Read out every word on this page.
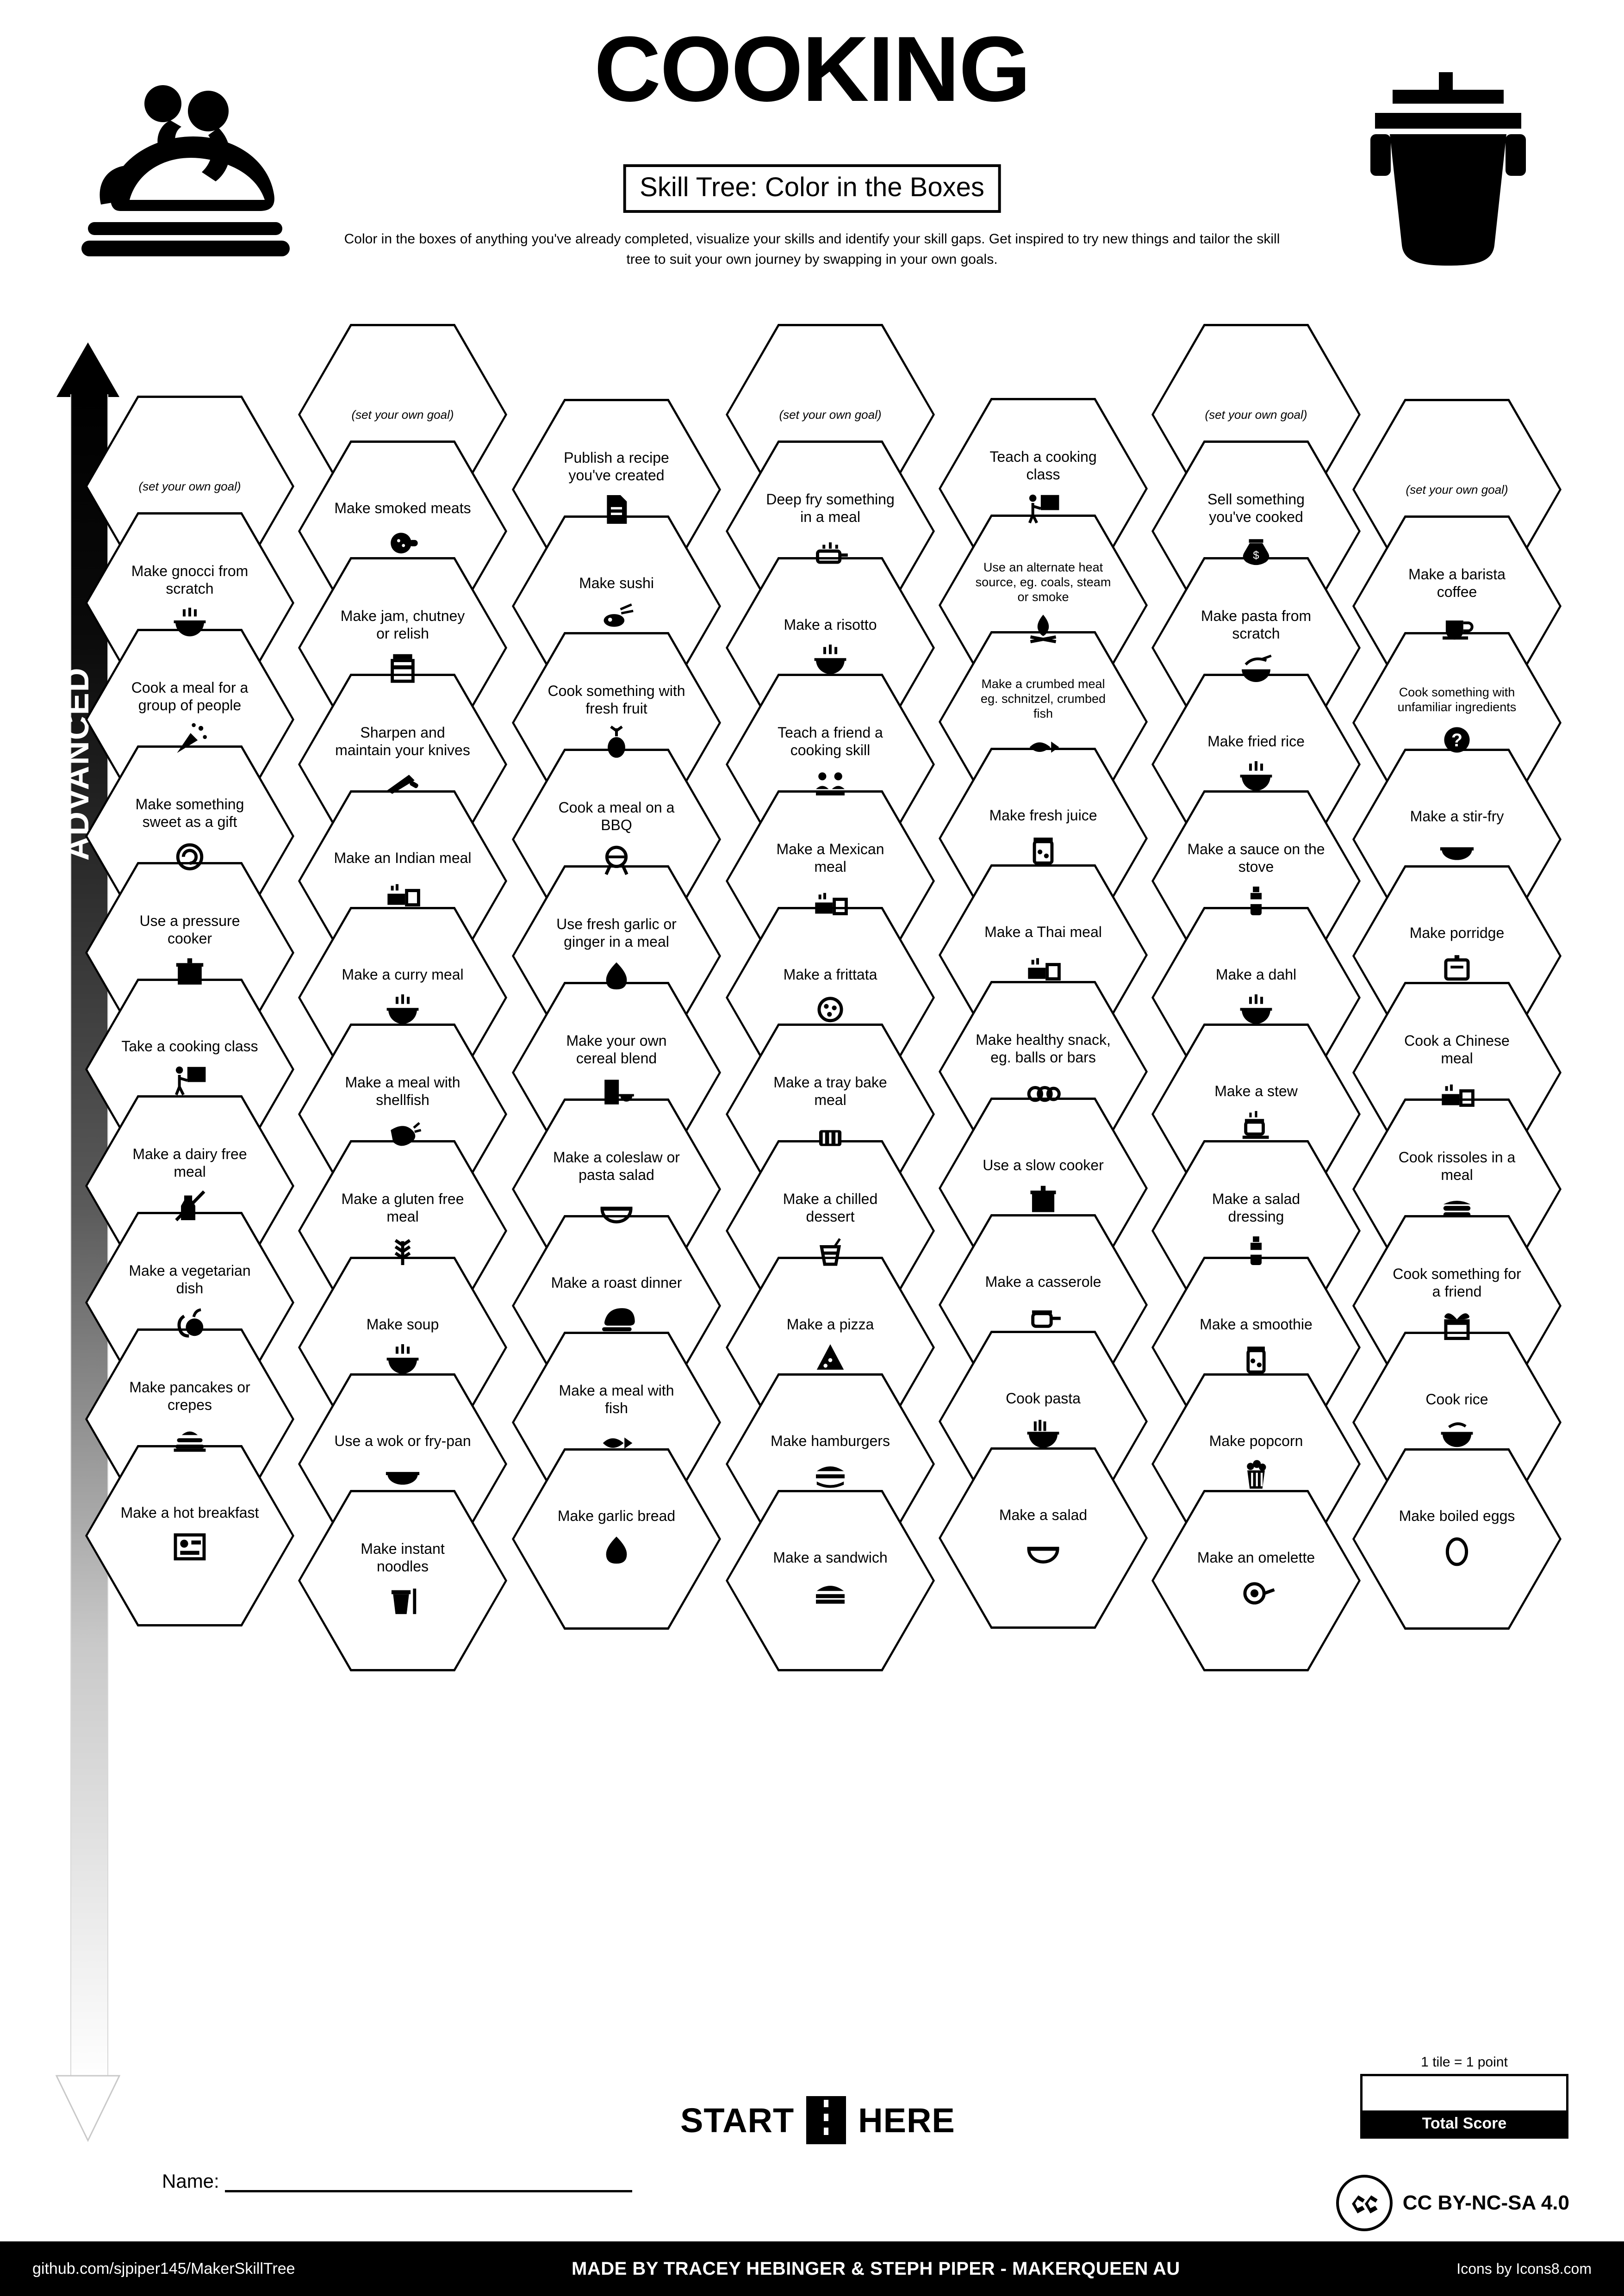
COOKING
Skill Tree: Color in the Boxes
Color in the boxes of anything you've already completed, visualize your skills and identify your skill gaps. Get inspired to try new things and tailor the skill tree to suit your own journey by swapping in your own goals.
ADVANCED
(set your own goal)
Make gnocci from scratch
Cook a meal for a group of people
Make something sweet as a gift
Use a pressure cooker
Take a cooking class
Make a dairy free meal
Make a vegetarian dish
Make pancakes or crepes
Make a hot breakfast
(set your own goal)
Make smoked meats
Make jam, chutney or relish
Sharpen and maintain your knives
Make an Indian meal
Make a curry meal
Make a meal with shellfish
Make a gluten free meal
Make soup
Use a wok or fry-pan
Make instant noodles
Publish a recipe you've created
Make sushi
Cook something with fresh fruit
Cook a meal on a BBQ
Use fresh garlic or ginger in a meal
Make your own cereal blend
Make a coleslaw or pasta salad
Make a roast dinner
Make a meal with fish
Make garlic bread
(set your own goal)
Deep fry something in a meal
Make a risotto
Teach a friend a cooking skill
Make a Mexican meal
Make a frittata
Make a tray bake meal
Make a chilled dessert
Make a pizza
Make hamburgers
Make a sandwich
Teach a cooking class
Use an alternate heat source, eg. coals, steam or smoke
Make a crumbed meal eg. schnitzel, crumbed fish
Make fresh juice
Make a Thai meal
Make healthy snack, eg. balls or bars
Use a slow cooker
Make a casserole
Cook pasta
Make a salad
(set your own goal)
Sell something you've cooked
$
Make pasta from scratch
Make fried rice
Make a sauce on the stove
Make a dahl
Make a stew
Make a salad dressing
Make a smoothie
Make popcorn
Make an omelette
(set your own goal)
Make a barista coffee
Cook something with unfamiliar ingredients
?
Make a stir-fry
Make porridge
Cook a Chinese meal
Cook rissoles in a meal
Cook something for a friend
Cook rice
Make boiled eggs
START HERE
1 tile = 1 point
Total Score
Name:
CC BY-NC-SA 4.0
github.com/sjpiper145/MakerSkillTree	MADE BY TRACEY HEBINGER & STEPH PIPER - MAKERQUEEN AU	Icons by Icons8.com
